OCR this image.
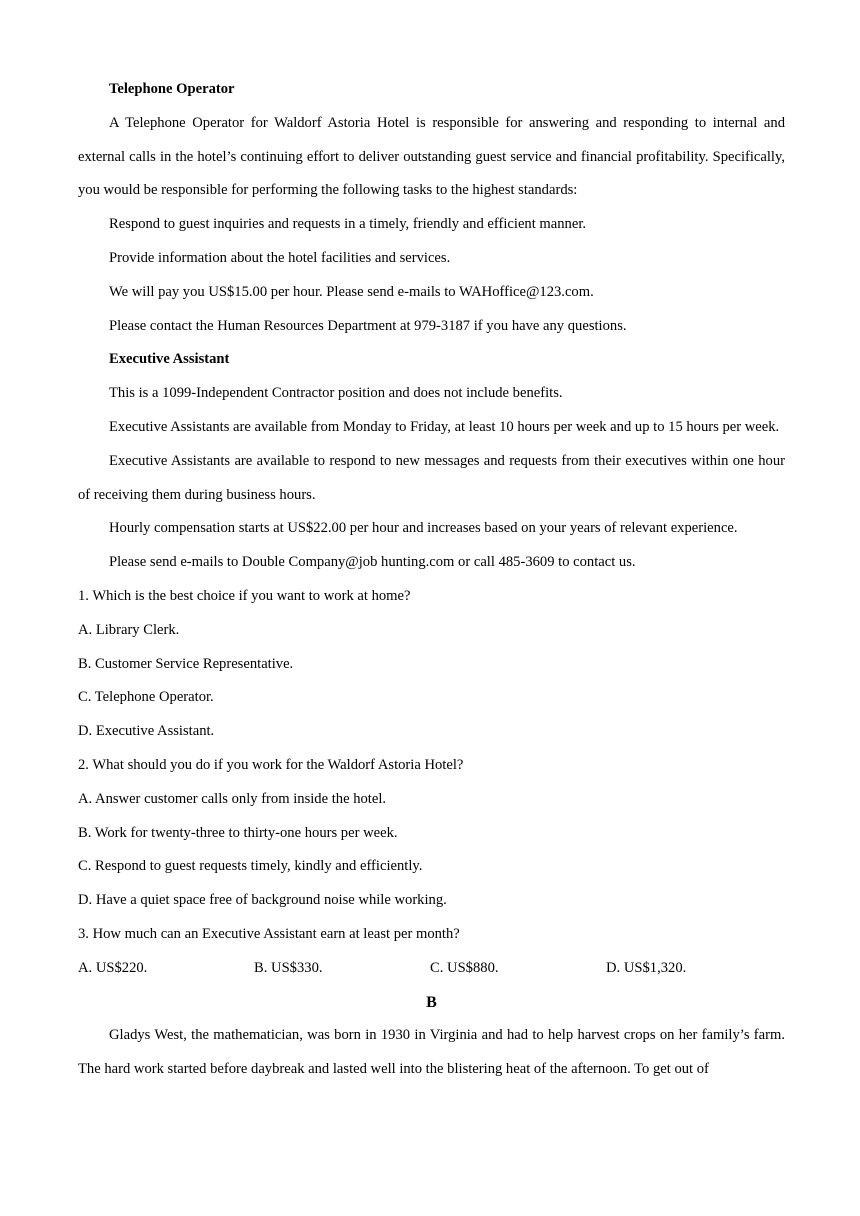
Telephone Operator

A Telephone Operator for Waldorf Astoria Hotel is responsible for answering and responding to internal and external calls in the hotel’s continuing effort to deliver outstanding guest service and financial profitability. Specifically, you would be responsible for performing the following tasks to the highest standards:

Respond to guest inquiries and requests in a timely, friendly and efficient manner.

Provide information about the hotel facilities and services.

We will pay you US$15.00 per hour. Please send e-mails to WAHoffice@123.com.

Please contact the Human Resources Department at 979-3187 if you have any questions.

Executive Assistant

This is a 1099-Independent Contractor position and does not include benefits.

Executive Assistants are available from Monday to Friday, at least 10 hours per week and up to 15 hours per week.

Executive Assistants are available to respond to new messages and requests from their executives within one hour of receiving them during business hours.

Hourly compensation starts at US$22.00 per hour and increases based on your years of relevant experience.

Please send e-mails to Double Company@job hunting.com or call 485-3609 to contact us.

1. Which is the best choice if you want to work at home?

A. Library Clerk.

B. Customer Service Representative.

C. Telephone Operator.

D. Executive Assistant.

2. What should you do if you work for the Waldorf Astoria Hotel?

A. Answer customer calls only from inside the hotel.

B. Work for twenty-three to thirty-one hours per week.

C. Respond to guest requests timely, kindly and efficiently.

D. Have a quiet space free of background noise while working.

3. How much can an Executive Assistant earn at least per month?

A. US$220.	B. US$330.	C. US$880.	D. US$1,320.

B

Gladys West, the mathematician, was born in 1930 in Virginia and had to help harvest crops on her family’s farm. The hard work started before daybreak and lasted well into the blistering heat of the afternoon. To get out of
